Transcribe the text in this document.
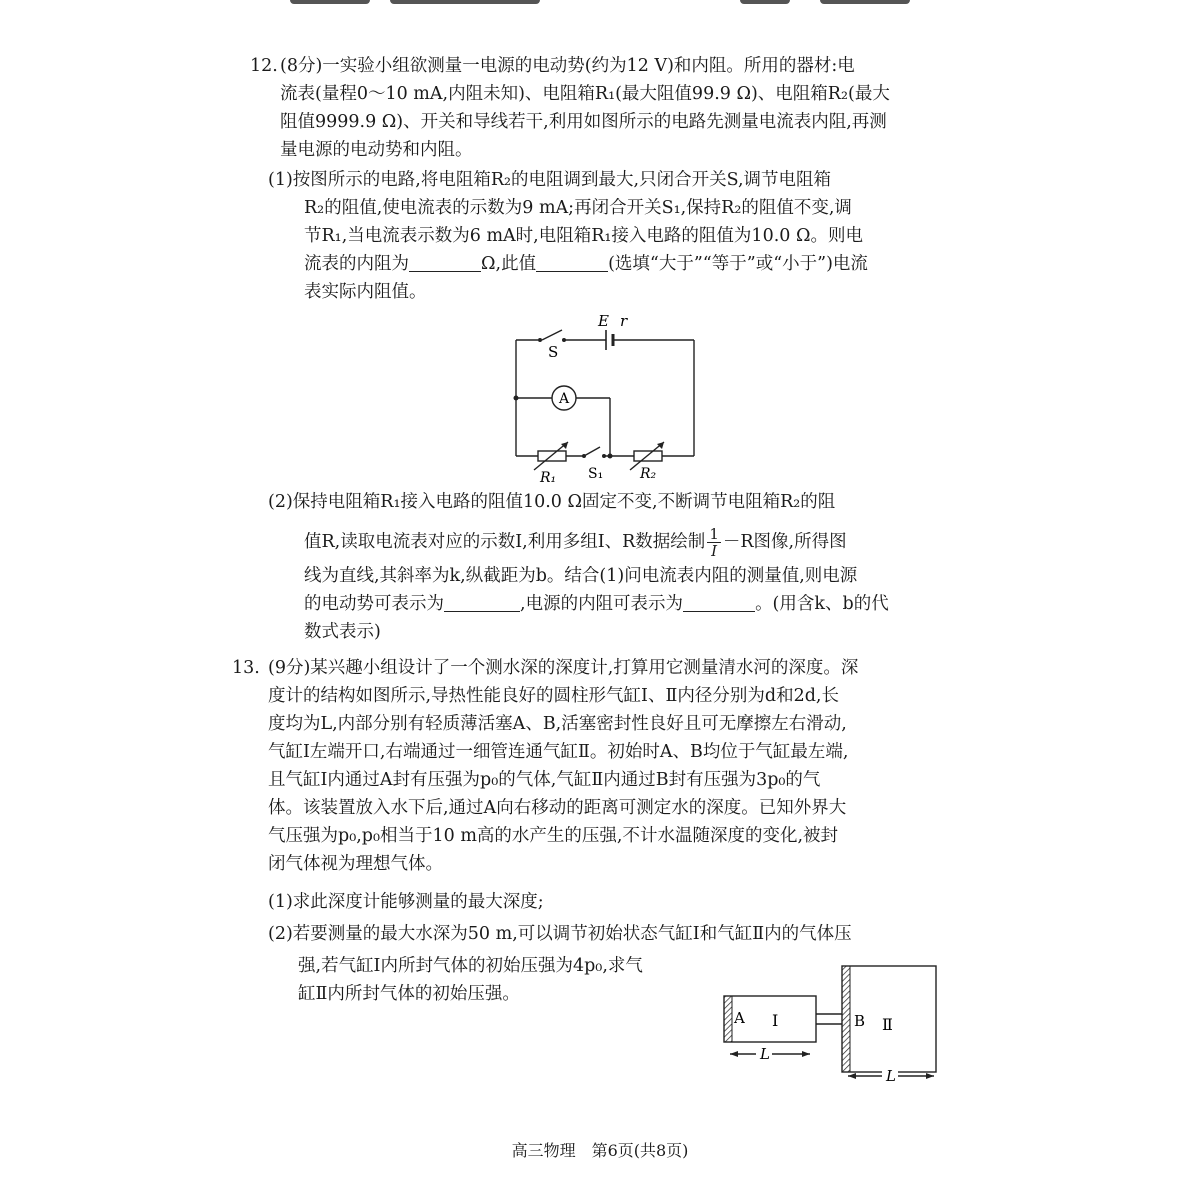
12. (8分)一实验小组欲测量一电源的电动势(约为12 V)和内阻。所用的器材:电
流表(量程0～10 mA,内阻未知)、电阻箱R₁(最大阻值99.9 Ω)、电阻箱R₂(最大
阻值9999.9 Ω)、开关和导线若干,利用如图所示的电路先测量电流表内阻,再测
量电源的电动势和内阻。
(1)按图所示的电路,将电阻箱R₂的电阻调到最大,只闭合开关S,调节电阻箱
R₂的阻值,使电流表的示数为9 mA;再闭合开关S₁,保持R₂的阻值不变,调
节R₁,当电流表示数为6 mA时,电阻箱R₁接入电路的阻值为10.0 Ω。则电
流表的内阻为	Ω,此值	(选填“大于”“等于”或“小于”)电流
表实际内阻值。
A
E r
S
R₁ S₁	R₂
(2)保持电阻箱R₁接入电路的阻值10.0 Ω固定不变,不断调节电阻箱R₂的阻
值R,读取电流表对应的示数I,利用多组I、R数据绘制 $\frac{1}{I} -R$图像,所得图
线为直线,其斜率为k,纵截距为b。结合(1)问电流表内阻的测量值,则电源
的电动势可表示为	,电源的内阻可表示为	。(用含k、b的代
数式表示)
13. (9分)某兴趣小组设计了一个测水深的深度计,打算用它测量清水河的深度。深
度计的结构如图所示,导热性能良好的圆柱形气缸Ⅰ、Ⅱ内径分别为d和2d,长
度均为L,内部分别有轻质薄活塞A、B,活塞密封性良好且可无摩擦左右滑动,
气缸Ⅰ左端开口,右端通过一细管连通气缸Ⅱ。初始时A、B均位于气缸最左端,
且气缸Ⅰ内通过A封有压强为p₀的气体,气缸Ⅱ内通过B封有压强为3p₀的气
体。该装置放入水下后,通过A向右移动的距离可测定水的深度。已知外界大
气压强为p₀,p₀相当于10 m高的水产生的压强,不计水温随深度的变化,被封
闭气体视为理想气体。
(1)求此深度计能够测量的最大深度;
(2)若要测量的最大水深为50 m,可以调节初始状态气缸Ⅰ和气缸Ⅱ内的气体压
强,若气缸Ⅰ内所封气体的初始压强为4p₀,求气
缸Ⅱ内所封气体的初始压强。
A Ⅰ	B Ⅱ
L
L
高三物理　第6页(共8页)
